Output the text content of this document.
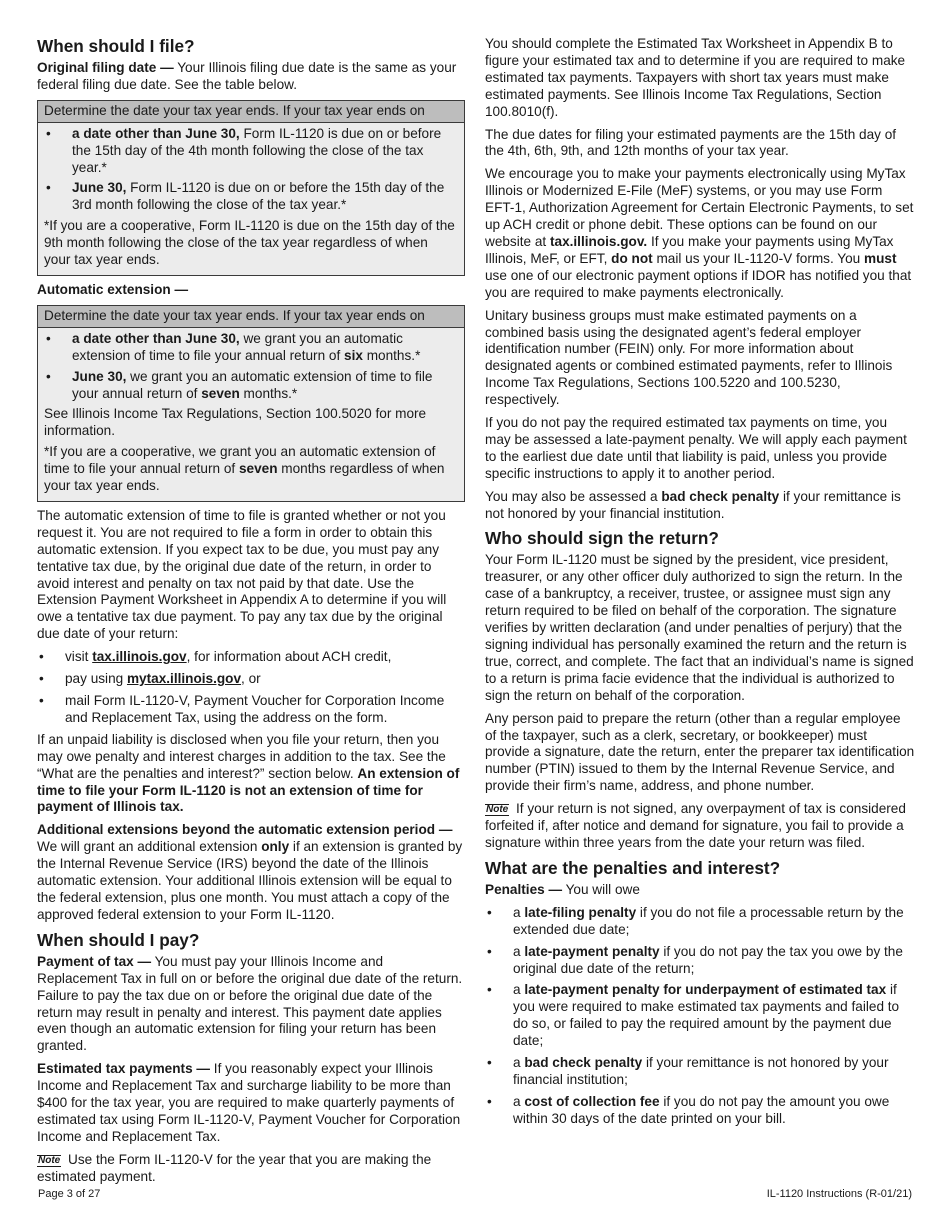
When should I file?

Original filing date — Your Illinois filing due date is the same as your federal filing due date. See the table below.

Determine the date your tax year ends. If your tax year ends on
• a date other than June 30, Form IL-1120 is due on or before the 15th day of the 4th month following the close of the tax year.*
• June 30, Form IL-1120 is due on or before the 15th day of the 3rd month following the close of the tax year.*

*If you are a cooperative, Form IL-1120 is due on the 15th day of the 9th month following the close of the tax year regardless of when your tax year ends.

Automatic extension —

Determine the date your tax year ends. If your tax year ends on
• a date other than June 30, we grant you an automatic extension of time to file your annual return of six months.*
• June 30, we grant you an automatic extension of time to file your annual return of seven months.*

See Illinois Income Tax Regulations, Section 100.5020 for more information.

*If you are a cooperative, we grant you an automatic extension of time to file your annual return of seven months regardless of when your tax year ends.

The automatic extension of time to file is granted whether or not you request it. You are not required to file a form in order to obtain this automatic extension. If you expect tax to be due, you must pay any tentative tax due, by the original due date of the return, in order to avoid interest and penalty on tax not paid by that date. Use the Extension Payment Worksheet in Appendix A to determine if you will owe a tentative tax due payment. To pay any tax due by the original due date of your return:

• visit tax.illinois.gov, for information about ACH credit,
• pay using mytax.illinois.gov, or
• mail Form IL-1120-V, Payment Voucher for Corporation Income and Replacement Tax, using the address on the form.

If an unpaid liability is disclosed when you file your return, then you may owe penalty and interest charges in addition to the tax. See the “What are the penalties and interest?” section below. An extension of time to file your Form IL-1120 is not an extension of time for payment of Illinois tax.

Additional extensions beyond the automatic extension period — We will grant an additional extension only if an extension is granted by the Internal Revenue Service (IRS) beyond the date of the Illinois automatic extension. Your additional Illinois extension will be equal to the federal extension, plus one month. You must attach a copy of the approved federal extension to your Form IL-1120.

When should I pay?

Payment of tax — You must pay your Illinois Income and Replacement Tax in full on or before the original due date of the return. Failure to pay the tax due on or before the original due date of the return may result in penalty and interest. This payment date applies even though an automatic extension for filing your return has been granted.

Estimated tax payments — If you reasonably expect your Illinois Income and Replacement Tax and surcharge liability to be more than $400 for the tax year, you are required to make quarterly payments of estimated tax using Form IL-1120-V, Payment Voucher for Corporation Income and Replacement Tax.

Note Use the Form IL-1120-V for the year that you are making the estimated payment.

You should complete the Estimated Tax Worksheet in Appendix B to figure your estimated tax and to determine if you are required to make estimated tax payments. Taxpayers with short tax years must make estimated payments. See Illinois Income Tax Regulations, Section 100.8010(f).

The due dates for filing your estimated payments are the 15th day of the 4th, 6th, 9th, and 12th months of your tax year.

We encourage you to make your payments electronically using MyTax Illinois or Modernized E-File (MeF) systems, or you may use Form EFT-1, Authorization Agreement for Certain Electronic Payments, to set up ACH credit or phone debit. These options can be found on our website at tax.illinois.gov. If you make your payments using MyTax Illinois, MeF, or EFT, do not mail us your IL-1120-V forms. You must use one of our electronic payment options if IDOR has notified you that you are required to make payments electronically.

Unitary business groups must make estimated payments on a combined basis using the designated agent’s federal employer identification number (FEIN) only. For more information about designated agents or combined estimated payments, refer to Illinois Income Tax Regulations, Sections 100.5220 and 100.5230, respectively.

If you do not pay the required estimated tax payments on time, you may be assessed a late-payment penalty. We will apply each payment to the earliest due date until that liability is paid, unless you provide specific instructions to apply it to another period.

You may also be assessed a bad check penalty if your remittance is not honored by your financial institution.

Who should sign the return?

Your Form IL-1120 must be signed by the president, vice president, treasurer, or any other officer duly authorized to sign the return. In the case of a bankruptcy, a receiver, trustee, or assignee must sign any return required to be filed on behalf of the corporation. The signature verifies by written declaration (and under penalties of perjury) that the signing individual has personally examined the return and the return is true, correct, and complete. The fact that an individual’s name is signed to a return is prima facie evidence that the individual is authorized to sign the return on behalf of the corporation.

Any person paid to prepare the return (other than a regular employee of the taxpayer, such as a clerk, secretary, or bookkeeper) must provide a signature, date the return, enter the preparer tax identification number (PTIN) issued to them by the Internal Revenue Service, and provide their firm’s name, address, and phone number.

Note If your return is not signed, any overpayment of tax is considered forfeited if, after notice and demand for signature, you fail to provide a signature within three years from the date your return was filed.

What are the penalties and interest?

Penalties — You will owe

• a late-filing penalty if you do not file a processable return by the extended due date;
• a late-payment penalty if you do not pay the tax you owe by the original due date of the return;
• a late-payment penalty for underpayment of estimated tax if you were required to make estimated tax payments and failed to do so, or failed to pay the required amount by the payment due date;
• a bad check penalty if your remittance is not honored by your financial institution;
• a cost of collection fee if you do not pay the amount you owe within 30 days of the date printed on your bill.
Page 3 of 27	IL-1120 Instructions (R-01/21)
